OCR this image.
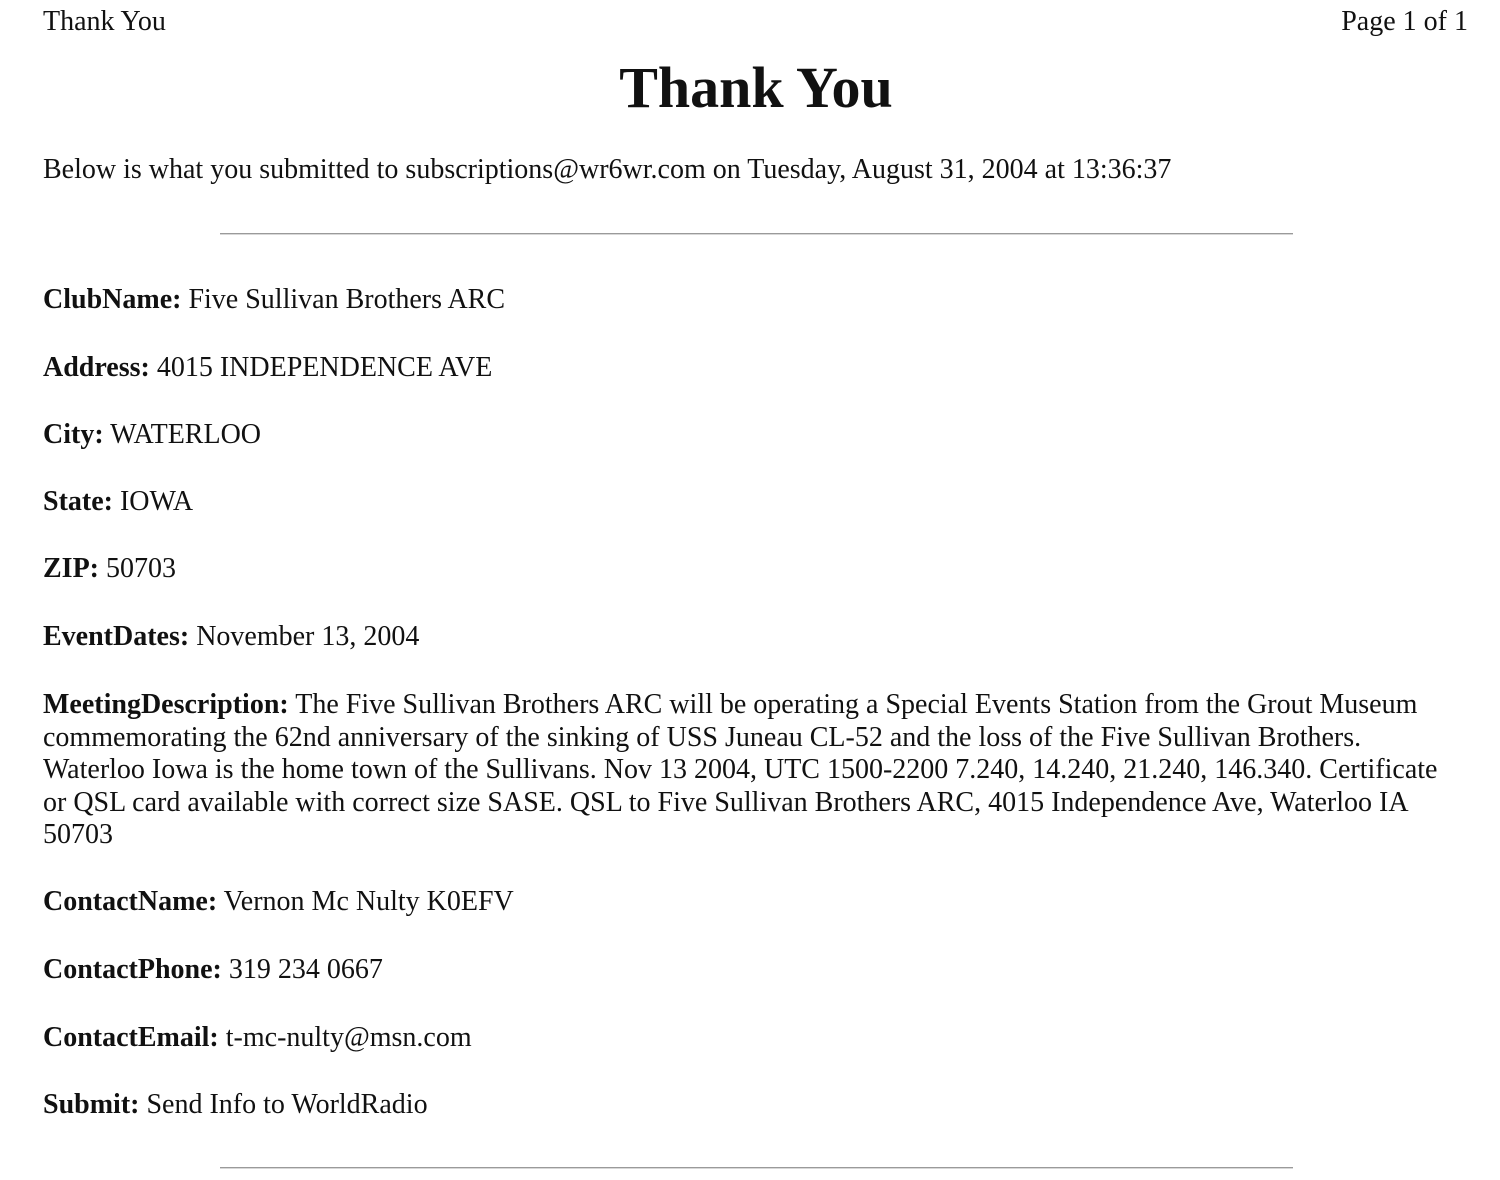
Thank You	Page 1 of 1
Thank You
Below is what you submitted to subscriptions@wr6wr.com on Tuesday, August 31, 2004 at 13:36:37
ClubName: Five Sullivan Brothers ARC
Address: 4015 INDEPENDENCE AVE
City: WATERLOO
State: IOWA
ZIP: 50703
EventDates: November 13, 2004
MeetingDescription: The Five Sullivan Brothers ARC will be operating a Special Events Station from the Grout Museum commemorating the 62nd anniversary of the sinking of USS Juneau CL-52 and the loss of the Five Sullivan Brothers. Waterloo Iowa is the home town of the Sullivans. Nov 13 2004, UTC 1500-2200 7.240, 14.240, 21.240, 146.340. Certificate or QSL card available with correct size SASE. QSL to Five Sullivan Brothers ARC, 4015 Independence Ave, Waterloo IA 50703
ContactName: Vernon Mc Nulty K0EFV
ContactPhone: 319 234 0667
ContactEmail: t-mc-nulty@msn.com
Submit: Send Info to WorldRadio
